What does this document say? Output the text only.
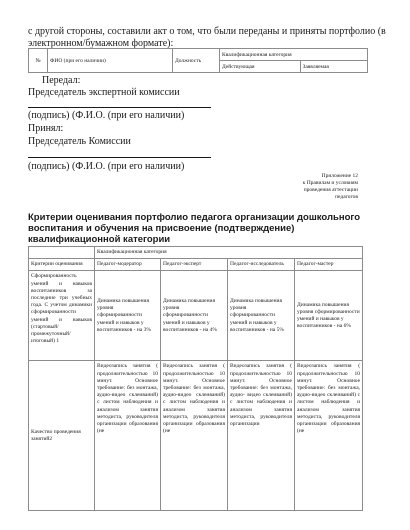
с другой стороны, составили акт о том, что были переданы и приняты портфолио (в электронном/бумажном формате):
№	ФИО (при его наличии)	Должность	Квалификационная категория	
			Действующая	Заявляемая
Передал:
Председатель экспертной комиссии
(подпись) (Ф.И.О. (при его наличии)
Принял:
Председатель Комиссии
(подпись) (Ф.И.О. (при его наличии)
Приложение 12
к Правилам и условиям
проведения аттестации
педагогов
Критерии оценивания портфолио педагога организации дошкольного воспитания и обучения на присвоение (подтверждение) квалификационной категории
	Квалификационная категория			
Критерии оценивания	Педагог-модератор	Педагог-эксперт	Педагог-исследователь	Педагог-мастер
Сформированность умений и навыков воспитанников за последние три учебных года. С учетом динамики сформированности умений и навыков (стартовый/ промежуточный/ итоговый) 1	Динамика повышения уровня сформированности умений и навыков у воспитанников - на 3%	Динамика повышения уровня сформированности умений и навыков у воспитанников - на 4%	Динамика повышения уровня сформированности умений и навыков у воспитанников - на 5%	Динамика повышения уровня сформированности умений и навыков у воспитанников - на 6%
Качество проведения занятий2	Видеозапись занятия ( продолжительностью 10 минут. Основное требование: без монтажа, аудио-видео склеиваний) с листом наблюдения и анализом занятия методиста, руководителя организации образования (не	Видеозапись занятия ( продолжительностью 10 минут. Основное требование: без монтажа, аудио-видео склеиваний) с листом наблюдения и анализом занятия методиста, руководителя организации образования (не	Видеозапись занятия ( продолжительностью 10 минут. Основное требование: без монтажа, аудио- видео склеиваний) с листом наблюдения и анализом занятия методиста, руководителя организации	Видеозапись занятия ( продолжительностью 10 минут. Основное требование: без монтажа, аудио-видео склеиваний) с листом наблюдения и анализом занятия методиста, руководителя организации образования (не
